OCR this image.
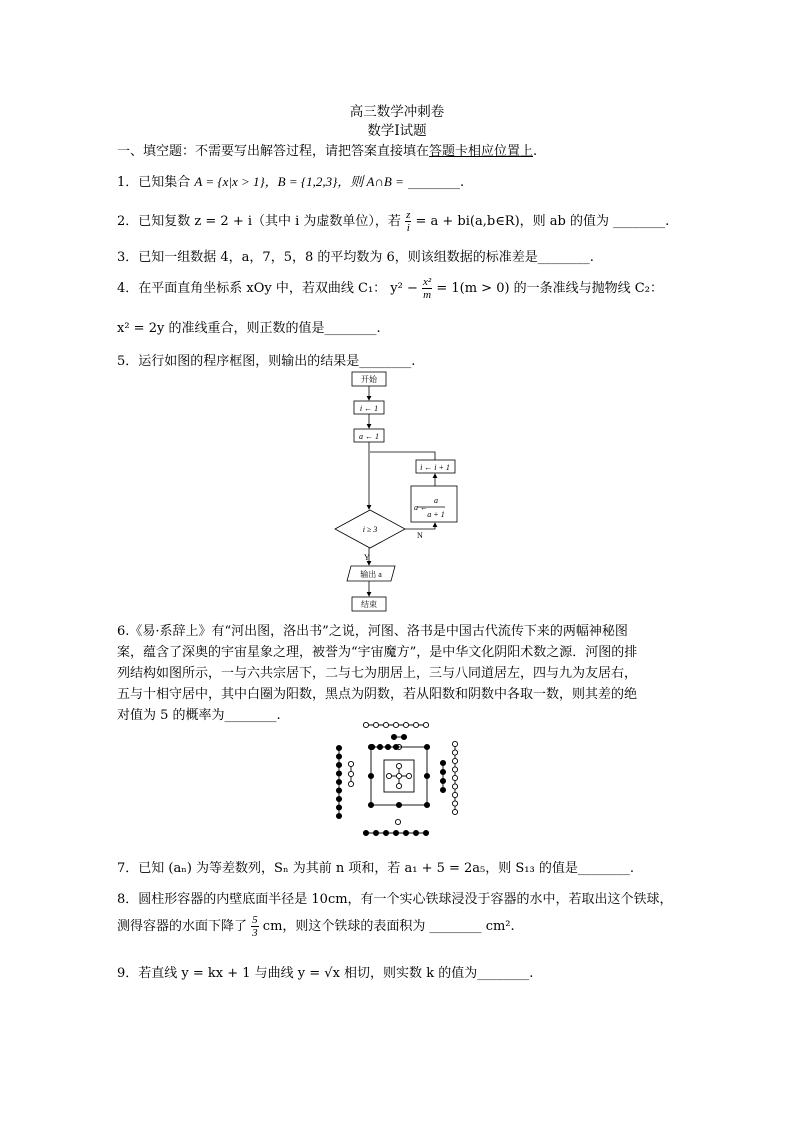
高三数学冲刺卷
数学Ⅰ试题
一、填空题：不需要写出解答过程，请把答案直接填在答题卡相应位置上.
1．已知集合 A = {x|x > 1}，B = {1,2,3}，则 A∩B = ________.
2．已知复数 z = 2 + i（其中 i 为虚数单位），若 $\frac{z}{i} = a$ + bi(a,b∈R)，则 ab 的值为 ________.
3．已知一组数据 4，a，7，5，8 的平均数为 6，则该组数据的标准差是________.
4．在平面直角坐标系 xOy 中，若双曲线 C₁： $y^2 - \frac{\text{x²}}{m} = 1(m > 0)$ 的一条准线与抛物线 C₂：
x² = 2y 的准线重合，则正数的值是________.
5．运行如图的程序框图，则输出的结果是________.
开始
i ← 1
a ← 1
i ← i + 1
a ←
a
a + 1
i ≥ 3
Y
N
输出 a
结束
6.《易·系辞上》有“河出图，洛出书”之说，河图、洛书是中国古代流传下来的两幅神秘图
案，蕴含了深奥的宇宙星象之理，被誉为“宇宙魔方”，是中华文化阴阳术数之源．河图的排
列结构如图所示，一与六共宗居下，二与七为朋居上，三与八同道居左，四与九为友居右，
五与十相守居中，其中白圈为阳数，黑点为阴数，若从阳数和阴数中各取一数，则其差的绝
对值为 5 的概率为________.
7．已知 (aₙ) 为等差数列，Sₙ 为其前 n 项和，若 a₁ + 5 = 2a₅，则 S₁₃ 的值是________.
8．圆柱形容器的内壁底面半径是 10cm，有一个实心铁球浸没于容器的水中，若取出这个铁球，
测得容器的水面下降了 $\frac{5}{3}$ cm，则这个铁球的表面积为 ________ cm².
9．若直线 y = kx + 1 与曲线 y = √x 相切，则实数 k 的值为________.
